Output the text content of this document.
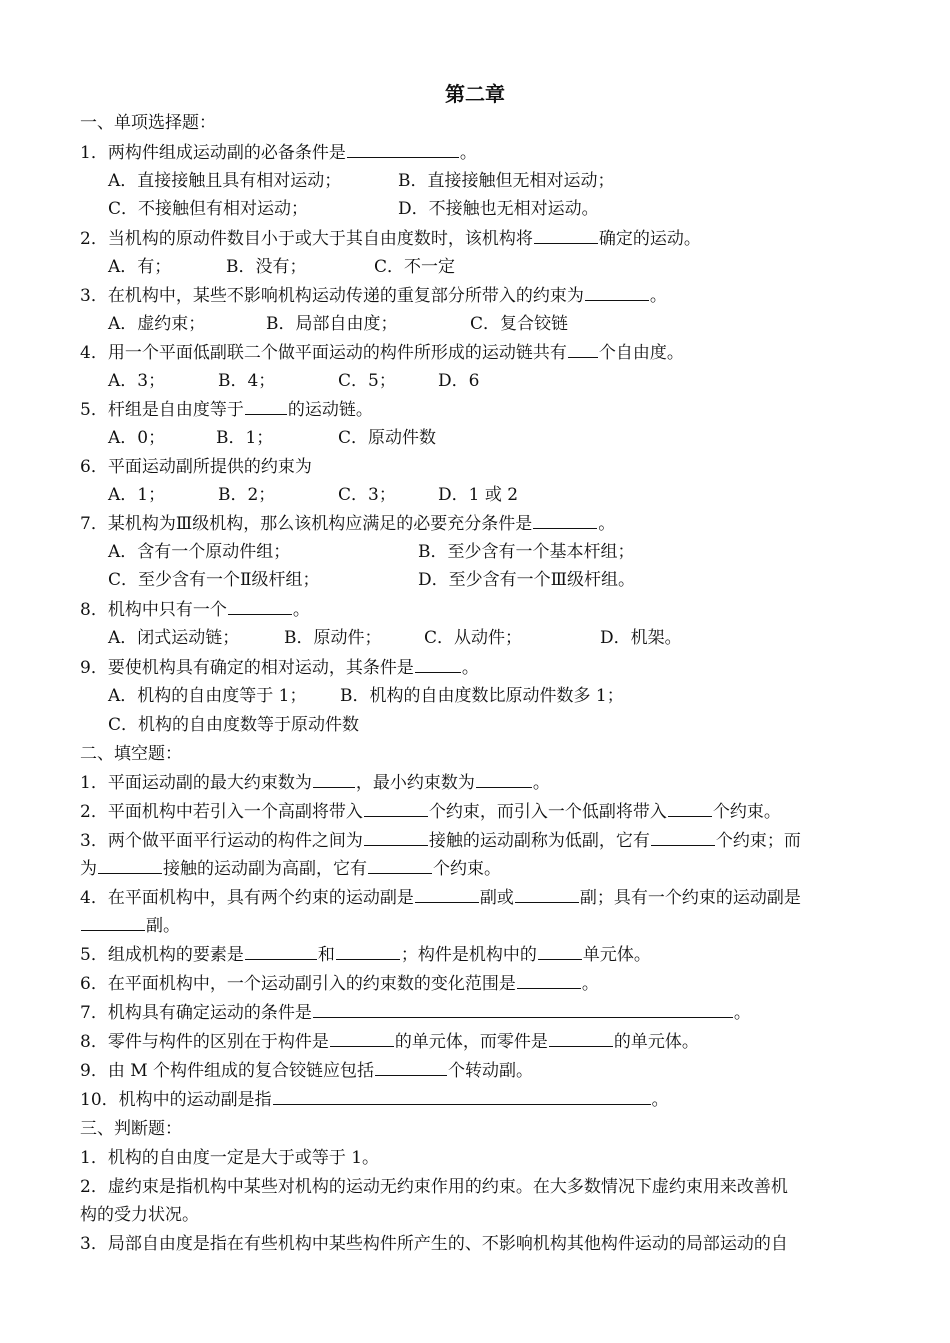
第二章
一、单项选择题：
1．两构件组成运动副的必备条件是	。
A．直接接触且具有相对运动；	B．直接接触但无相对运动；
C．不接触但有相对运动；	D．不接触也无相对运动。
2．当机构的原动件数目小于或大于其自由度数时，该机构将	确定的运动。
A．有；	B．没有；	C．不一定
3．在机构中，某些不影响机构运动传递的重复部分所带入的约束为	。
A．虚约束；	B．局部自由度；	C．复合铰链
4．用一个平面低副联二个做平面运动的构件所形成的运动链共有 个自由度。
A．3；	B．4；	C．5； D．6
5．杆组是自由度等于	的运动链。
A．0；	B．1；	C．原动件数
6．平面运动副所提供的约束为
A．1；	B．2；	C．3； D．1 或 2
7．某机构为Ⅲ级机构，那么该机构应满足的必要充分条件是	。
A．含有一个原动件组；	B．至少含有一个基本杆组；
C．至少含有一个Ⅱ级杆组；	D．至少含有一个Ⅲ级杆组。
8．机构中只有一个	。
A．闭式运动链；	B．原动件；	C．从动件；	D．机架。
9．要使机构具有确定的相对运动，其条件是	。
A．机构的自由度等于 1； B．机构的自由度数比原动件数多 1；
C．机构的自由度数等于原动件数
二、填空题：
1．平面运动副的最大约束数为	，最小约束数为	。
2．平面机构中若引入一个高副将带入	个约束，而引入一个低副将带入	个约束。
3．两个做平面平行运动的构件之间为	接触的运动副称为低副，它有	个约束；而
为	接触的运动副为高副，它有	个约束。
4．在平面机构中，具有两个约束的运动副是	副或	副；具有一个约束的运动副是
副。
5．组成机构的要素是	和	；构件是机构中的	单元体。
6．在平面机构中，一个运动副引入的约束数的变化范围是	。
7．机构具有确定运动的条件是	。
8．零件与构件的区别在于构件是	的单元体，而零件是	的单元体。
9．由 M 个构件组成的复合铰链应包括	个转动副。
10．机构中的运动副是指	。
三、判断题：
1．机构的自由度一定是大于或等于 1。
2．虚约束是指机构中某些对机构的运动无约束作用的约束。在大多数情况下虚约束用来改善机
构的受力状况。
3．局部自由度是指在有些机构中某些构件所产生的、不影响机构其他构件运动的局部运动的自
